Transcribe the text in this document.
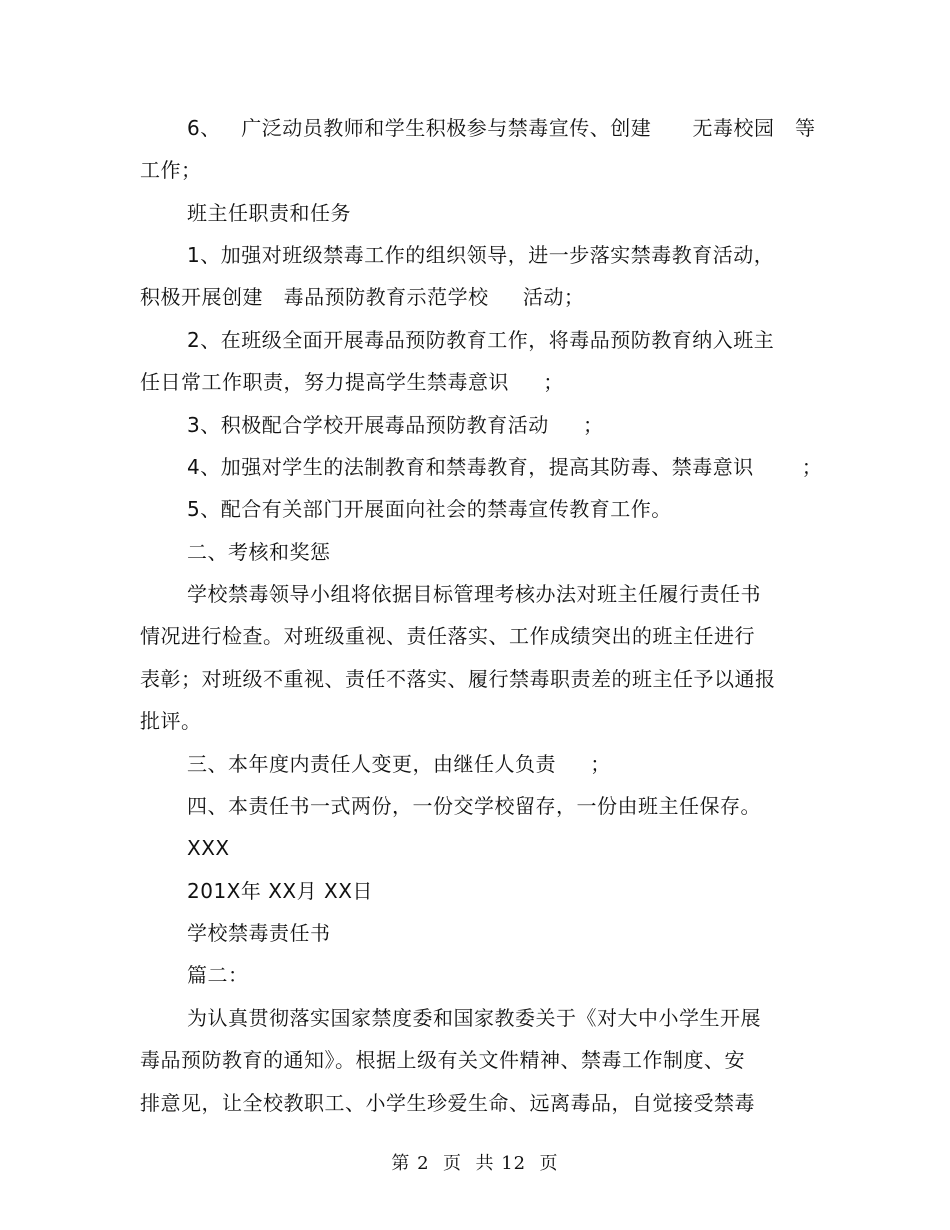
6、   广泛动员教师和学生积极参与禁毒宣传、创建      无毒校园   等
工作；
班主任职责和任务
1、加强对班级禁毒工作的组织领导，进一步落实禁毒教育活动，
积极开展创建   毒品预防教育示范学校     活动；
2、在班级全面开展毒品预防教育工作，将毒品预防教育纳入班主
任日常工作职责，努力提高学生禁毒意识     ；
3、积极配合学校开展毒品预防教育活动     ；
4、加强对学生的法制教育和禁毒教育，提高其防毒、禁毒意识       ；
5、配合有关部门开展面向社会的禁毒宣传教育工作。
二、考核和奖惩
学校禁毒领导小组将依据目标管理考核办法对班主任履行责任书
情况进行检查。对班级重视、责任落实、工作成绩突出的班主任进行
表彰；对班级不重视、责任不落实、履行禁毒职责差的班主任予以通报
批评。
三、本年度内责任人变更，由继任人负责     ；
四、本责任书一式两份，一份交学校留存，一份由班主任保存。
XXX
201X年 XX月 XX日
学校禁毒责任书
篇二：
为认真贯彻落实国家禁度委和国家教委关于《对大中小学生开展
毒品预防教育的通知》。根据上级有关文件精神、禁毒工作制度、安
排意见，让全校教职工、小学生珍爱生命、远离毒品，自觉接受禁毒
第 2  页  共 12  页
